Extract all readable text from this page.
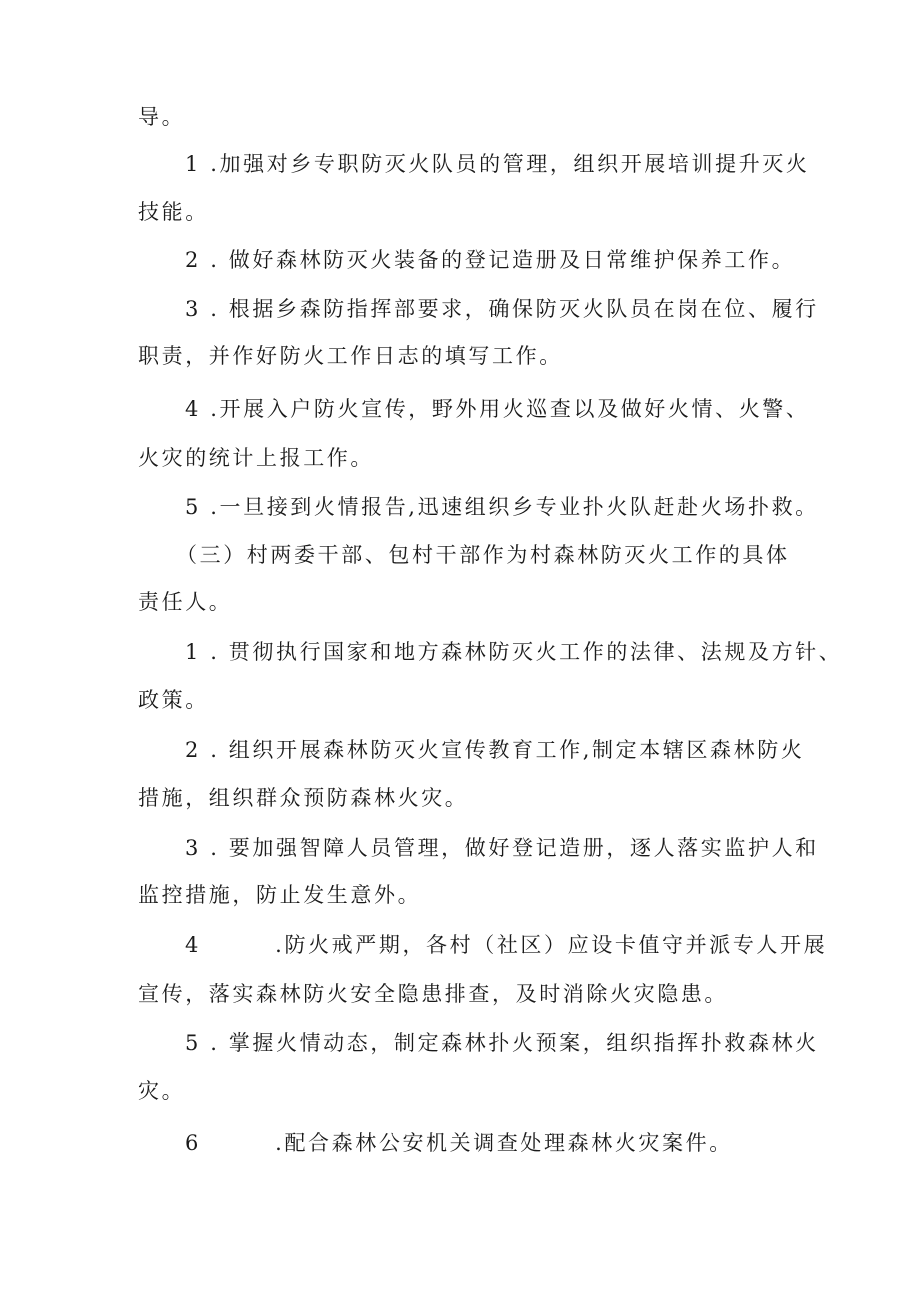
导。
1 .加强对乡专职防灭火队员的管理，组织开展培训提升灭火
技能。
2 . 做好森林防灭火装备的登记造册及日常维护保养工作。
3 . 根据乡森防指挥部要求，确保防灭火队员在岗在位、履行
职责，并作好防火工作日志的填写工作。
4 .开展入户防火宣传，野外用火巡查以及做好火情、火警、
火灾的统计上报工作。
5 .一旦接到火情报告,迅速组织乡专业扑火队赶赴火场扑救。
（三）村两委干部、包村干部作为村森林防灭火工作的具体
责任人。
1 . 贯彻执行国家和地方森林防灭火工作的法律、法规及方针、
政策。
2 . 组织开展森林防灭火宣传教育工作,制定本辖区森林防火
措施，组织群众预防森林火灾。
3 . 要加强智障人员管理，做好登记造册，逐人落实监护人和
监控措施，防止发生意外。
4        .防火戒严期，各村（社区）应设卡值守并派专人开展
宣传，落实森林防火安全隐患排查，及时消除火灾隐患。
5 . 掌握火情动态，制定森林扑火预案，组织指挥扑救森林火
灾。
6        .配合森林公安机关调查处理森林火灾案件。
